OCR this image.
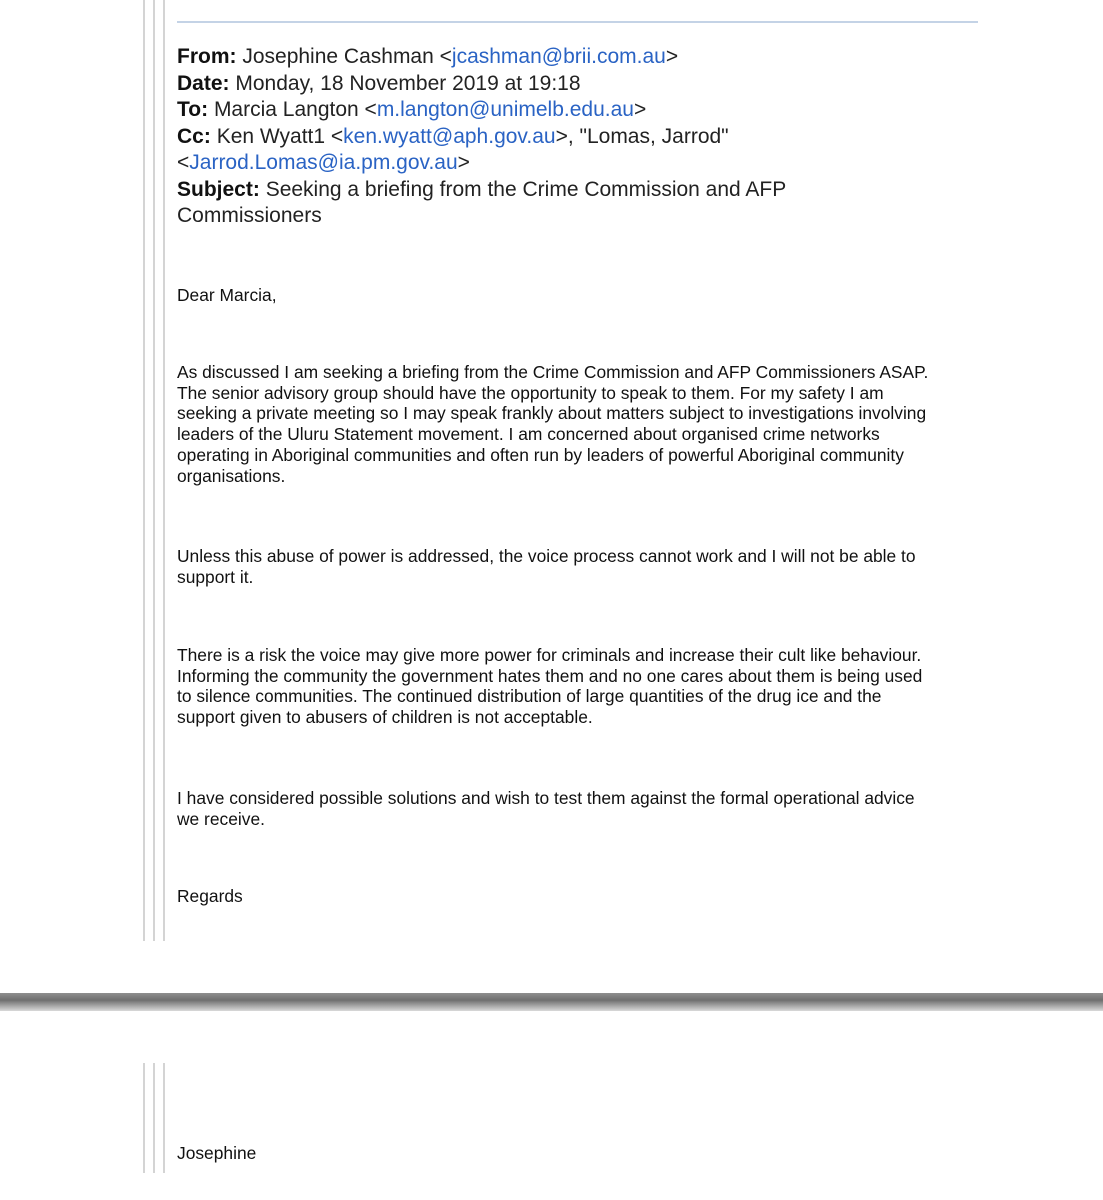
From: Josephine Cashman <jcashman@brii.com.au>
Date: Monday, 18 November 2019 at 19:18
To: Marcia Langton <m.langton@unimelb.edu.au>
Cc: Ken Wyatt1 <ken.wyatt@aph.gov.au>, "Lomas, Jarrod"
<Jarrod.Lomas@ia.pm.gov.au>
Subject: Seeking a briefing from the Crime Commission and AFP
Commissioners
Dear Marcia,
As discussed I am seeking a briefing from the Crime Commission and AFP Commissioners ASAP.
The senior advisory group should have the opportunity to speak to them. For my safety I am
seeking a private meeting so I may speak frankly about matters subject to investigations involving
leaders of the Uluru Statement movement. I am concerned about organised crime networks
operating in Aboriginal communities and often run by leaders of powerful Aboriginal community
organisations.
Unless this abuse of power is addressed, the voice process cannot work and I will not be able to
support it.
There is a risk the voice may give more power for criminals and increase their cult like behaviour.
Informing the community the government hates them and no one cares about them is being used
to silence communities. The continued distribution of large quantities of the drug ice and the
support given to abusers of children is not acceptable.
I have considered possible solutions and wish to test them against the formal operational advice
we receive.
Regards
Josephine
